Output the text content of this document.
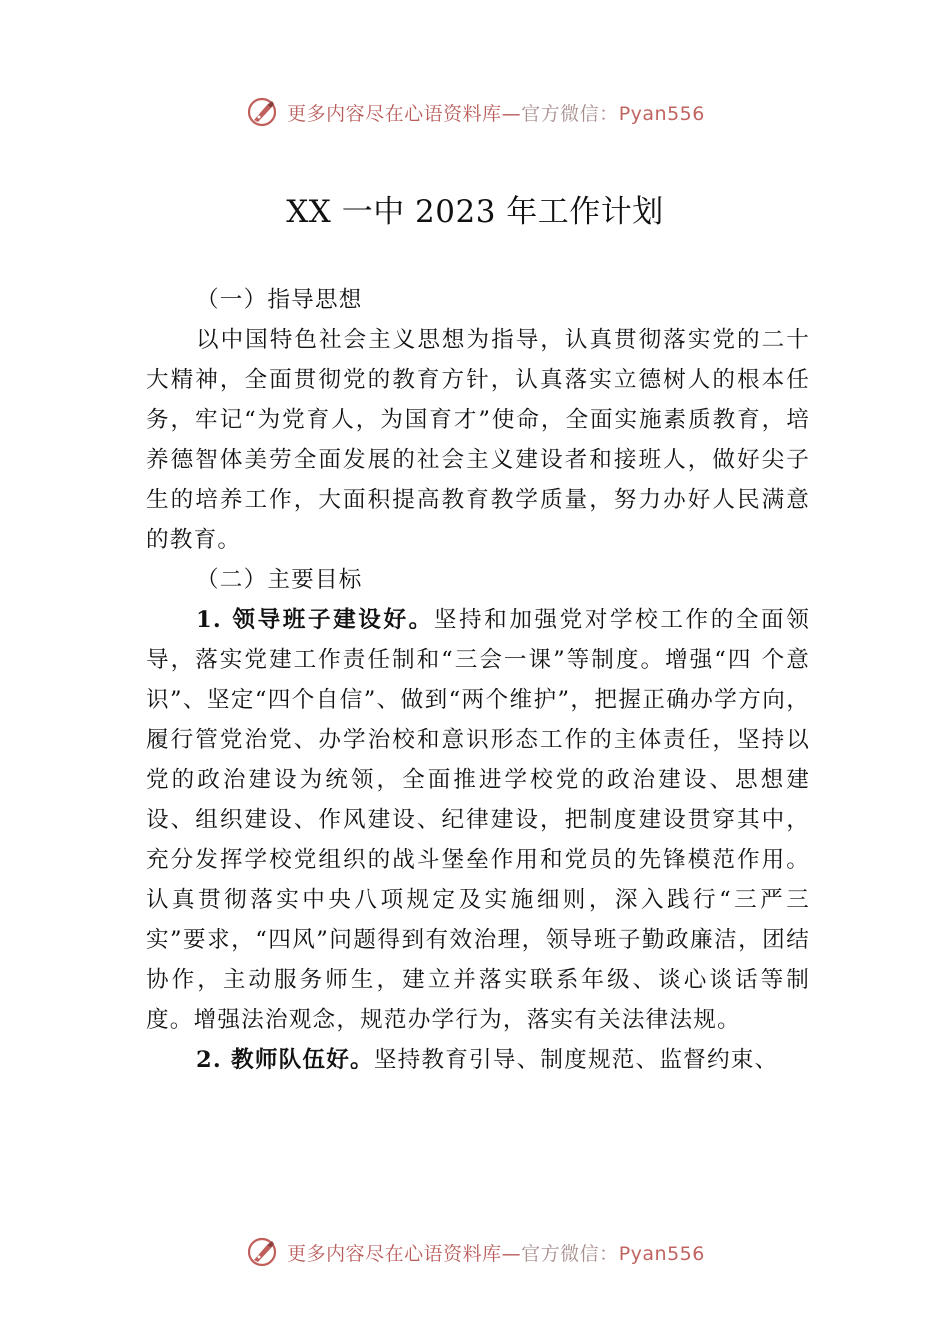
更多内容尽在心语资料库—官方微信：Pyan556
XX 一中 2023 年工作计划

（一）指导思想

以中国特色社会主义思想为指导，认真贯彻落实党的二十大精神，全面贯彻党的教育方针，认真落实立德树人的根本任务，牢记“为党育人，为国育才”使命，全面实施素质教育，培养德智体美劳全面发展的社会主义建设者和接班人，做好尖子生的培养工作，大面积提高教育教学质量，努力办好人民满意的教育。

（二）主要目标

1. 领导班子建设好。坚持和加强党对学校工作的全面领导，落实党建工作责任制和“三会一课”等制度。增强“四 个意识”、坚定“四个自信”、做到“两个维护”，把握正确办学方向，履行管党治党、办学治校和意识形态工作的主体责任，坚持以党的政治建设为统领，全面推进学校党的政治建设、思想建设、组织建设、作风建设、纪律建设，把制度建设贯穿其中，充分发挥学校党组织的战斗堡垒作用和党员的先锋模范作用。认真贯彻落实中央八项规定及实施细则，深入践行“三严三实”要求，“四风”问题得到有效治理，领导班子勤政廉洁，团结协作，主动服务师生，建立并落实联系年级、谈心谈话等制度。增强法治观念，规范办学行为，落实有关法律法规。

2. 教师队伍好。坚持教育引导、制度规范、监督约束、

更多内容尽在心语资料库—官方微信：Pyan556
